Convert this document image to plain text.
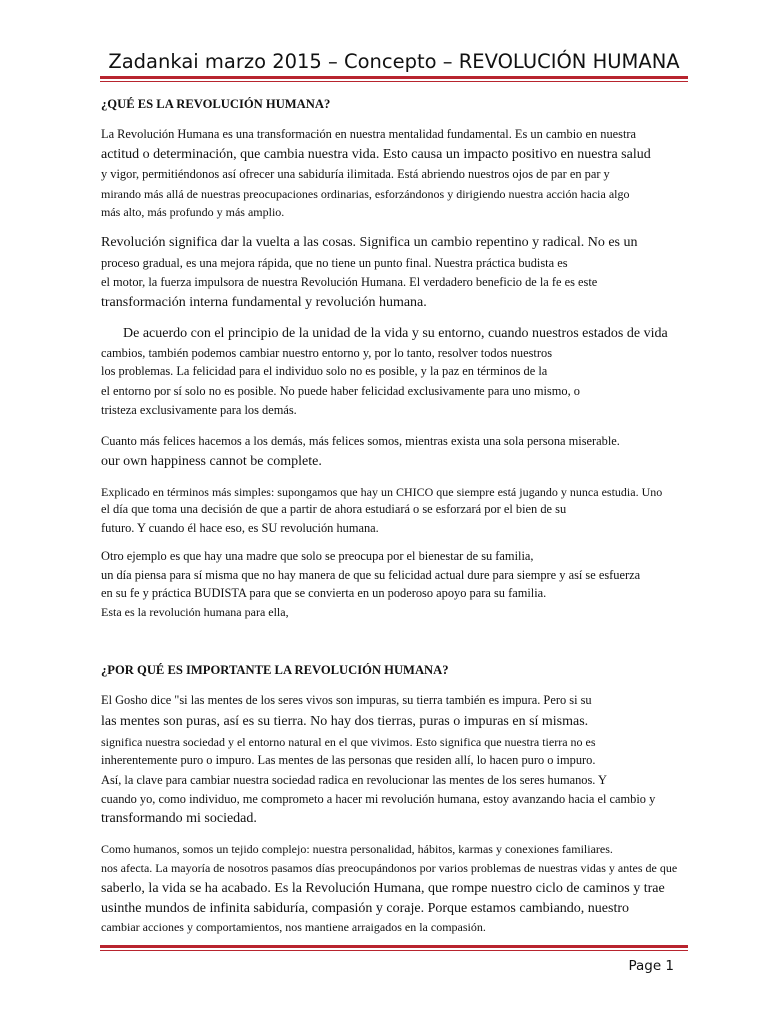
Zadankai marzo 2015 – Concepto – REVOLUCIÓN HUMANA
¿QUÉ ES LA REVOLUCIÓN HUMANA?
La Revolución Humana es una transformación en nuestra mentalidad fundamental. Es un cambio en nuestra
actitud o determinación, que cambia nuestra vida. Esto causa un impacto positivo en nuestra salud
y vigor, permitiéndonos así ofrecer una sabiduría ilimitada. Está abriendo nuestros ojos de par en par y
mirando más allá de nuestras preocupaciones ordinarias, esforzándonos y dirigiendo nuestra acción hacia algo
más alto, más profundo y más amplio.
Revolución significa dar la vuelta a las cosas. Significa un cambio repentino y radical. No es un
proceso gradual, es una mejora rápida, que no tiene un punto final. Nuestra práctica budista es
el motor, la fuerza impulsora de nuestra Revolución Humana. El verdadero beneficio de la fe es este
transformación interna fundamental y revolución humana.
De acuerdo con el principio de la unidad de la vida y su entorno, cuando nuestros estados de vida
cambios, también podemos cambiar nuestro entorno y, por lo tanto, resolver todos nuestros
los problemas. La felicidad para el individuo solo no es posible, y la paz en términos de la
el entorno por sí solo no es posible. No puede haber felicidad exclusivamente para uno mismo, o
tristeza exclusivamente para los demás.
Cuanto más felices hacemos a los demás, más felices somos, mientras exista una sola persona miserable.
our own happiness cannot be complete.
Explicado en términos más simples: supongamos que hay un CHICO que siempre está jugando y nunca estudia. Uno
el día que toma una decisión de que a partir de ahora estudiará o se esforzará por el bien de su
futuro. Y cuando él hace eso, es SU revolución humana.
Otro ejemplo es que hay una madre que solo se preocupa por el bienestar de su familia,
un día piensa para sí misma que no hay manera de que su felicidad actual dure para siempre y así se esfuerza
en su fe y práctica BUDISTA para que se convierta en un poderoso apoyo para su familia.
Esta es la revolución humana para ella,
¿POR QUÉ ES IMPORTANTE LA REVOLUCIÓN HUMANA?
El Gosho dice "si las mentes de los seres vivos son impuras, su tierra también es impura. Pero si su
las mentes son puras, así es su tierra. No hay dos tierras, puras o impuras en sí mismas.
significa nuestra sociedad y el entorno natural en el que vivimos. Esto significa que nuestra tierra no es
inherentemente puro o impuro. Las mentes de las personas que residen allí, lo hacen puro o impuro.
Así, la clave para cambiar nuestra sociedad radica en revolucionar las mentes de los seres humanos. Y
cuando yo, como individuo, me comprometo a hacer mi revolución humana, estoy avanzando hacia el cambio y
transformando mi sociedad.
Como humanos, somos un tejido complejo: nuestra personalidad, hábitos, karmas y conexiones familiares.
nos afecta. La mayoría de nosotros pasamos días preocupándonos por varios problemas de nuestras vidas y antes de que
saberlo, la vida se ha acabado. Es la Revolución Humana, que rompe nuestro ciclo de caminos y trae
usinthe mundos de infinita sabiduría, compasión y coraje. Porque estamos cambiando, nuestro
cambiar acciones y comportamientos, nos mantiene arraigados en la compasión.
Page 1
